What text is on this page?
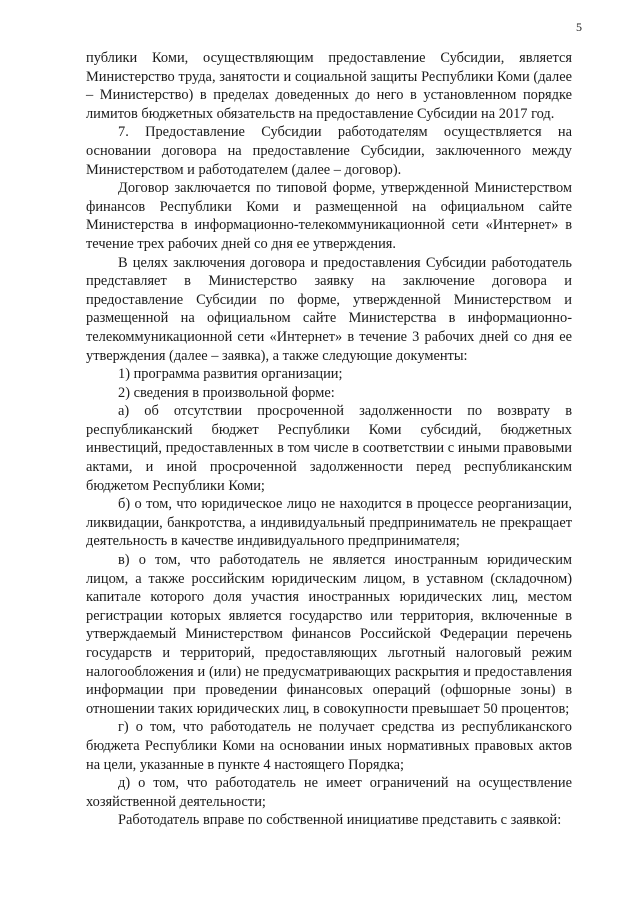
5

публики Коми, осуществляющим предоставление Субсидии, является Министерство труда, занятости и социальной защиты Республики Коми (далее – Министерство) в пределах доведенных до него в установленном порядке лимитов бюджетных обязательств на предоставление Субсидии на 2017 год.

7. Предоставление Субсидии работодателям осуществляется на основании договора на предоставление Субсидии, заключенного между Министерством и работодателем (далее – договор).

Договор заключается по типовой форме, утвержденной Министерством финансов Республики Коми и размещенной на официальном сайте Министерства в информационно-телекоммуникационной сети «Интернет» в течение трех рабочих дней со дня ее утверждения.

В целях заключения договора и предоставления Субсидии работодатель представляет в Министерство заявку на заключение договора и предоставление Субсидии по форме, утвержденной Министерством и размещенной на официальном сайте Министерства в информационно-телекоммуникационной сети «Интернет» в течение 3 рабочих дней со дня ее утверждения (далее – заявка), а также следующие документы:

1) программа развития организации;

2) сведения в произвольной форме:

а) об отсутствии просроченной задолженности по возврату в республиканский бюджет Республики Коми субсидий, бюджетных инвестиций, предоставленных в том числе в соответствии с иными правовыми актами, и иной просроченной задолженности перед республиканским бюджетом Республики Коми;

б) о том, что юридическое лицо не находится в процессе реорганизации, ликвидации, банкротства, а индивидуальный предприниматель не прекращает деятельность в качестве индивидуального предпринимателя;

в) о том, что работодатель не является иностранным юридическим лицом, а также российским юридическим лицом, в уставном (складочном) капитале которого доля участия иностранных юридических лиц, местом регистрации которых является государство или территория, включенные в утверждаемый Министерством финансов Российской Федерации перечень государств и территорий, предоставляющих льготный налоговый режим налогообложения и (или) не предусматривающих раскрытия и предоставления информации при проведении финансовых операций (офшорные зоны) в отношении таких юридических лиц, в совокупности превышает 50 процентов;

г) о том, что работодатель не получает средства из республиканского бюджета Республики Коми на основании иных нормативных правовых актов на цели, указанные в пункте 4 настоящего Порядка;

д) о том, что работодатель не имеет ограничений на осуществление хозяйственной деятельности;

Работодатель вправе по собственной инициативе представить с заявкой:
